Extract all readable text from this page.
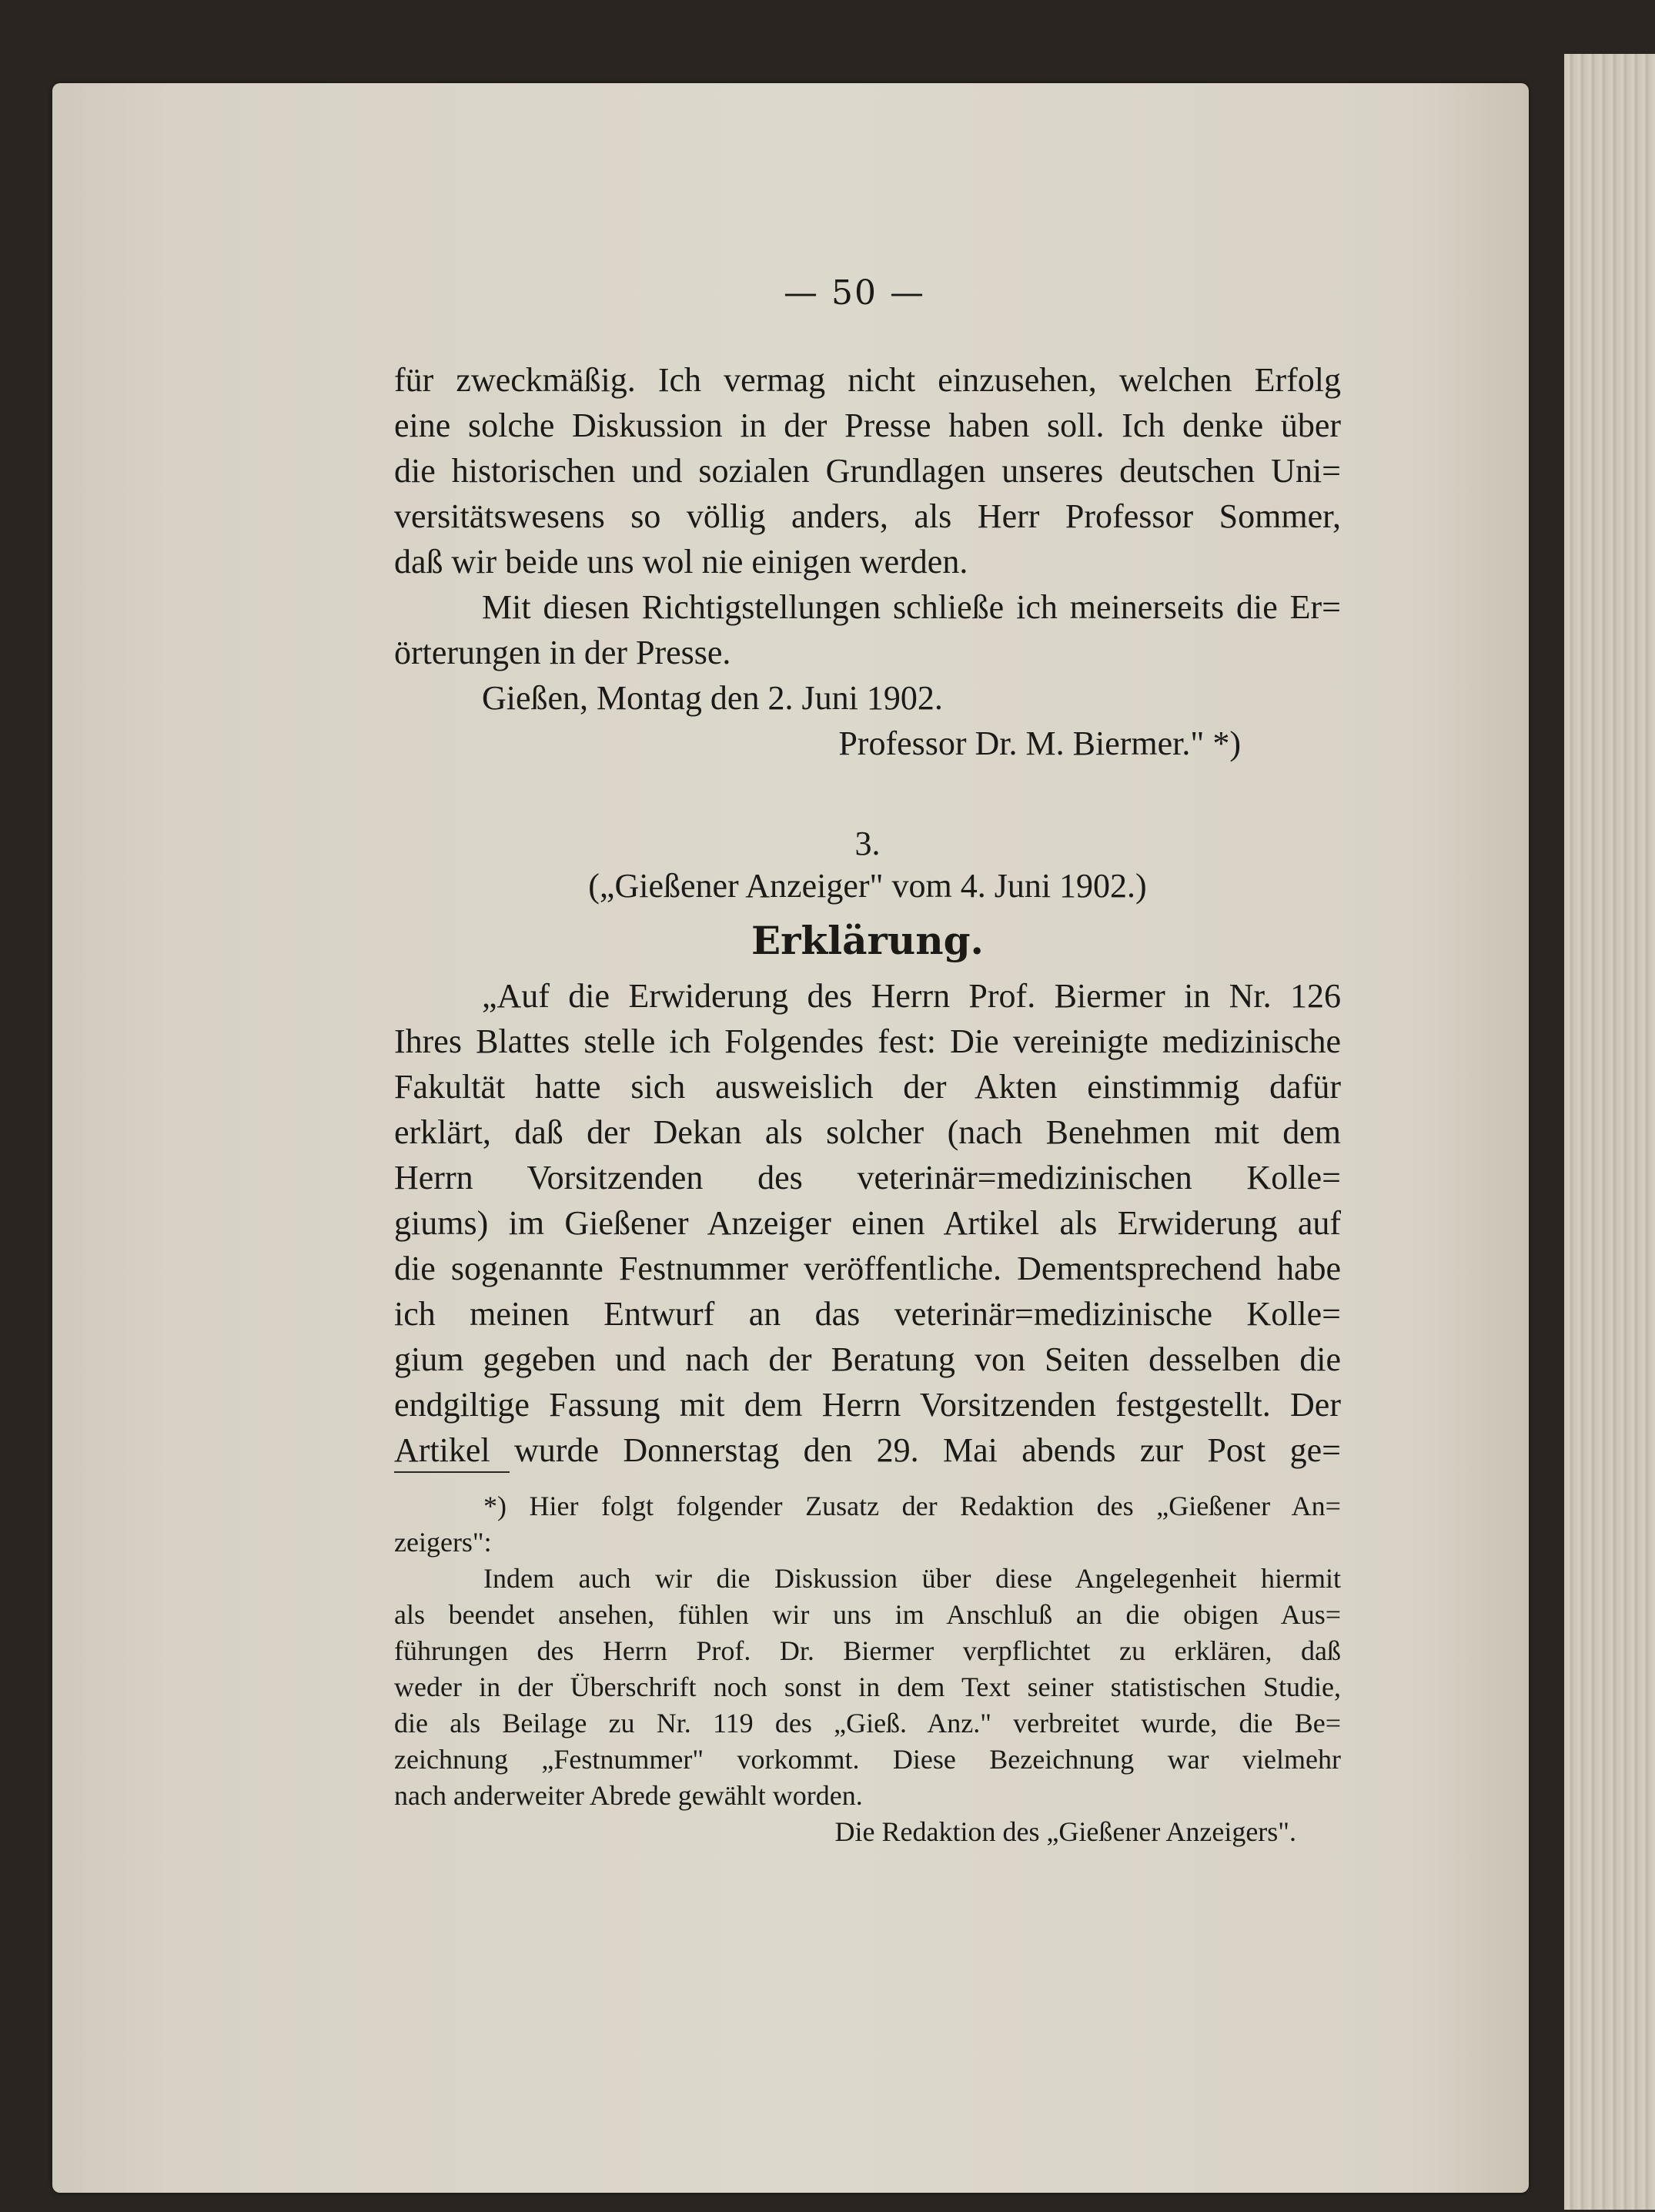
— 50 —
für zweckmäßig. Ich vermag nicht einzusehen, welchen Erfolg
eine solche Diskussion in der Presse haben soll. Ich denke über
die historischen und sozialen Grundlagen unseres deutschen Uni=
versitätswesens so völlig anders, als Herr Professor Sommer,
daß wir beide uns wol nie einigen werden.
Mit diesen Richtigstellungen schließe ich meinerseits die Er=
örterungen in der Presse.
Gießen, Montag den 2. Juni 1902.
Professor Dr. M. Biermer." *)
3.
(„Gießener Anzeiger" vom 4. Juni 1902.)
Erklärung.
„Auf die Erwiderung des Herrn Prof. Biermer in Nr. 126
Ihres Blattes stelle ich Folgendes fest: Die vereinigte medizinische
Fakultät hatte sich ausweislich der Akten einstimmig dafür
erklärt, daß der Dekan als solcher (nach Benehmen mit dem
Herrn Vorsitzenden des veterinär=medizinischen Kolle=
giums) im Gießener Anzeiger einen Artikel als Erwiderung auf
die sogenannte Festnummer veröffentliche. Dementsprechend habe
ich meinen Entwurf an das veterinär=medizinische Kolle=
gium gegeben und nach der Beratung von Seiten desselben die
endgiltige Fassung mit dem Herrn Vorsitzenden festgestellt. Der
Artikel wurde Donnerstag den 29. Mai abends zur Post ge=
*) Hier folgt folgender Zusatz der Redaktion des „Gießener An=
zeigers":
Indem auch wir die Diskussion über diese Angelegenheit hiermit
als beendet ansehen, fühlen wir uns im Anschluß an die obigen Aus=
führungen des Herrn Prof. Dr. Biermer verpflichtet zu erklären, daß
weder in der Überschrift noch sonst in dem Text seiner statistischen Studie,
die als Beilage zu Nr. 119 des „Gieß. Anz." verbreitet wurde, die Be=
zeichnung „Festnummer" vorkommt. Diese Bezeichnung war vielmehr
nach anderweiter Abrede gewählt worden.
Die Redaktion des „Gießener Anzeigers".
